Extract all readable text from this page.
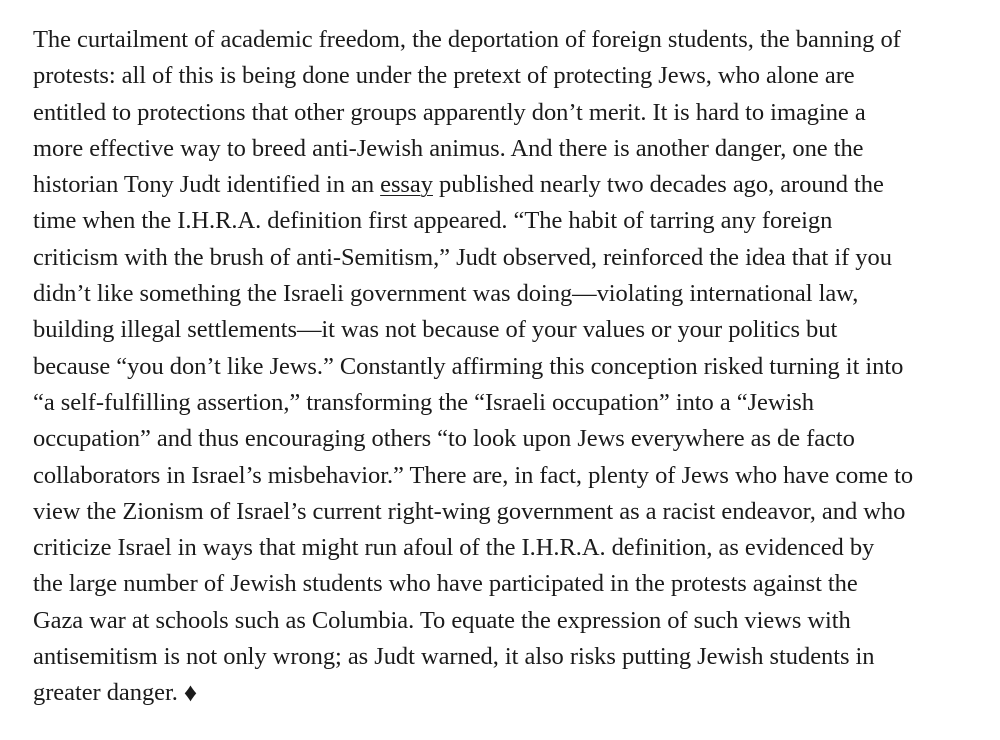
The curtailment of academic freedom, the deportation of foreign students, the banning of
protests: all of this is being done under the pretext of protecting Jews, who alone are
entitled to protections that other groups apparently don’t merit. It is hard to imagine a
more effective way to breed anti-Jewish animus. And there is another danger, one the
historian Tony Judt identified in an essay published nearly two decades ago, around the
time when the I.H.R.A. definition first appeared. “The habit of tarring any foreign
criticism with the brush of anti-Semitism,” Judt observed, reinforced the idea that if you
didn’t like something the Israeli government was doing—violating international law,
building illegal settlements—it was not because of your values or your politics but
because “you don’t like Jews.” Constantly affirming this conception risked turning it into
“a self-fulfilling assertion,” transforming the “Israeli occupation” into a “Jewish
occupation” and thus encouraging others “to look upon Jews everywhere as de facto
collaborators in Israel’s misbehavior.” There are, in fact, plenty of Jews who have come to
view the Zionism of Israel’s current right-wing government as a racist endeavor, and who
criticize Israel in ways that might run afoul of the I.H.R.A. definition, as evidenced by
the large number of Jewish students who have participated in the protests against the
Gaza war at schools such as Columbia. To equate the expression of such views with
antisemitism is not only wrong; as Judt warned, it also risks putting Jewish students in
greater danger. ♦
